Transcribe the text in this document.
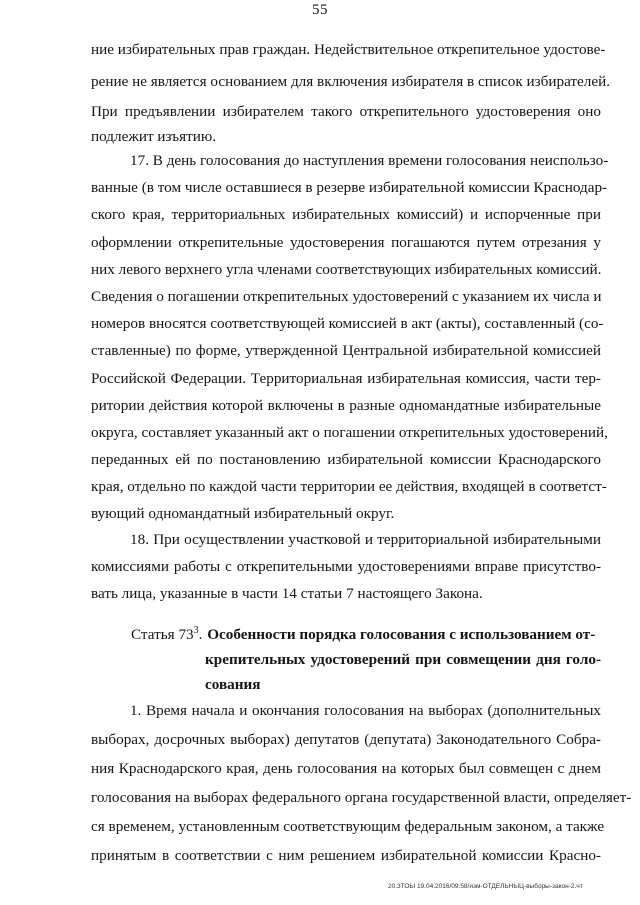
55
ние избирательных прав граждан. Недействительное открепительное удостове-
рение не является основанием для включения избирателя в список избирателей.
При предъявлении избирателем такого открепительного удостоверения оно
подлежит изъятию.
17. В день голосования до наступления времени голосования неиспользо-
ванные (в том числе оставшиеся в резерве избирательной комиссии Краснодар-
ского края, территориальных избирательных комиссий) и испорченные при
оформлении открепительные удостоверения погашаются путем отрезания у
них левого верхнего угла членами соответствующих избирательных комиссий.
Сведения о погашении открепительных удостоверений с указанием их числа и
номеров вносятся соответствующей комиссией в акт (акты), составленный (со-
ставленные) по форме, утвержденной Центральной избирательной комиссией
Российской Федерации. Территориальная избирательная комиссия, части тер-
ритории действия которой включены в разные одномандатные избирательные
округа, составляет указанный акт о погашении открепительных удостоверений,
переданных ей по постановлению избирательной комиссии Краснодарского
края, отдельно по каждой части территории ее действия, входящей в соответст-
вующий одномандатный избирательный округ.
18. При осуществлении участковой и территориальной избирательными
комиссиями работы с открепительными удостоверениями вправе присутство-
вать лица, указанные в части 14 статьи 7 настоящего Закона.
Статья $73^3$. Особенности порядка голосования с использованием от-
крепительных удостоверений при совмещении дня голо-
сования
1. Время начала и окончания голосования на выборах (дополнительных
выборах, досрочных выборах) депутатов (депутата) Законодательного Собра-
ния Краснодарского края, день голосования на которых был совмещен с днем
голосования на выборах федерального органа государственной власти, определяет-
ся временем, установленным соответствующим федеральным законом, а также
принятым в соответствии с ним решением избирательной комиссии Красно-
20.3ТОЫ 19.04.2016/09.58/изм-ОТДЕЛЬНЫЦ-выборы-закон-2.чт
